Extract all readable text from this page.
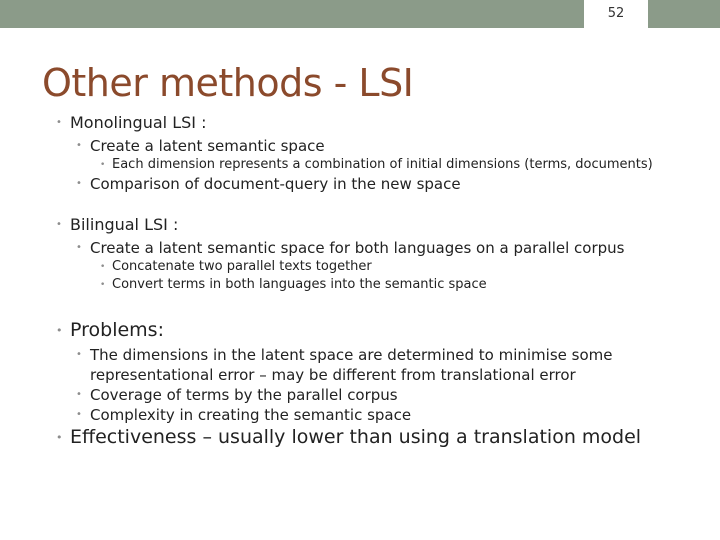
52
Other methods - LSI
• Monolingual LSI :
• Create a latent semantic space
• Each dimension represents a combination of initial dimensions (terms, documents)
• Comparison of document-query in the new space
• Bilingual LSI :
• Create a latent semantic space for both languages on a parallel corpus
• Concatenate two parallel texts together
• Convert terms in both languages into the semantic space
• Problems:
• The dimensions in the latent space are determined to minimise some representational error – may be different from translational error
• Coverage of terms by the parallel corpus
• Complexity in creating the semantic space
• Effectiveness – usually lower than using a translation model
